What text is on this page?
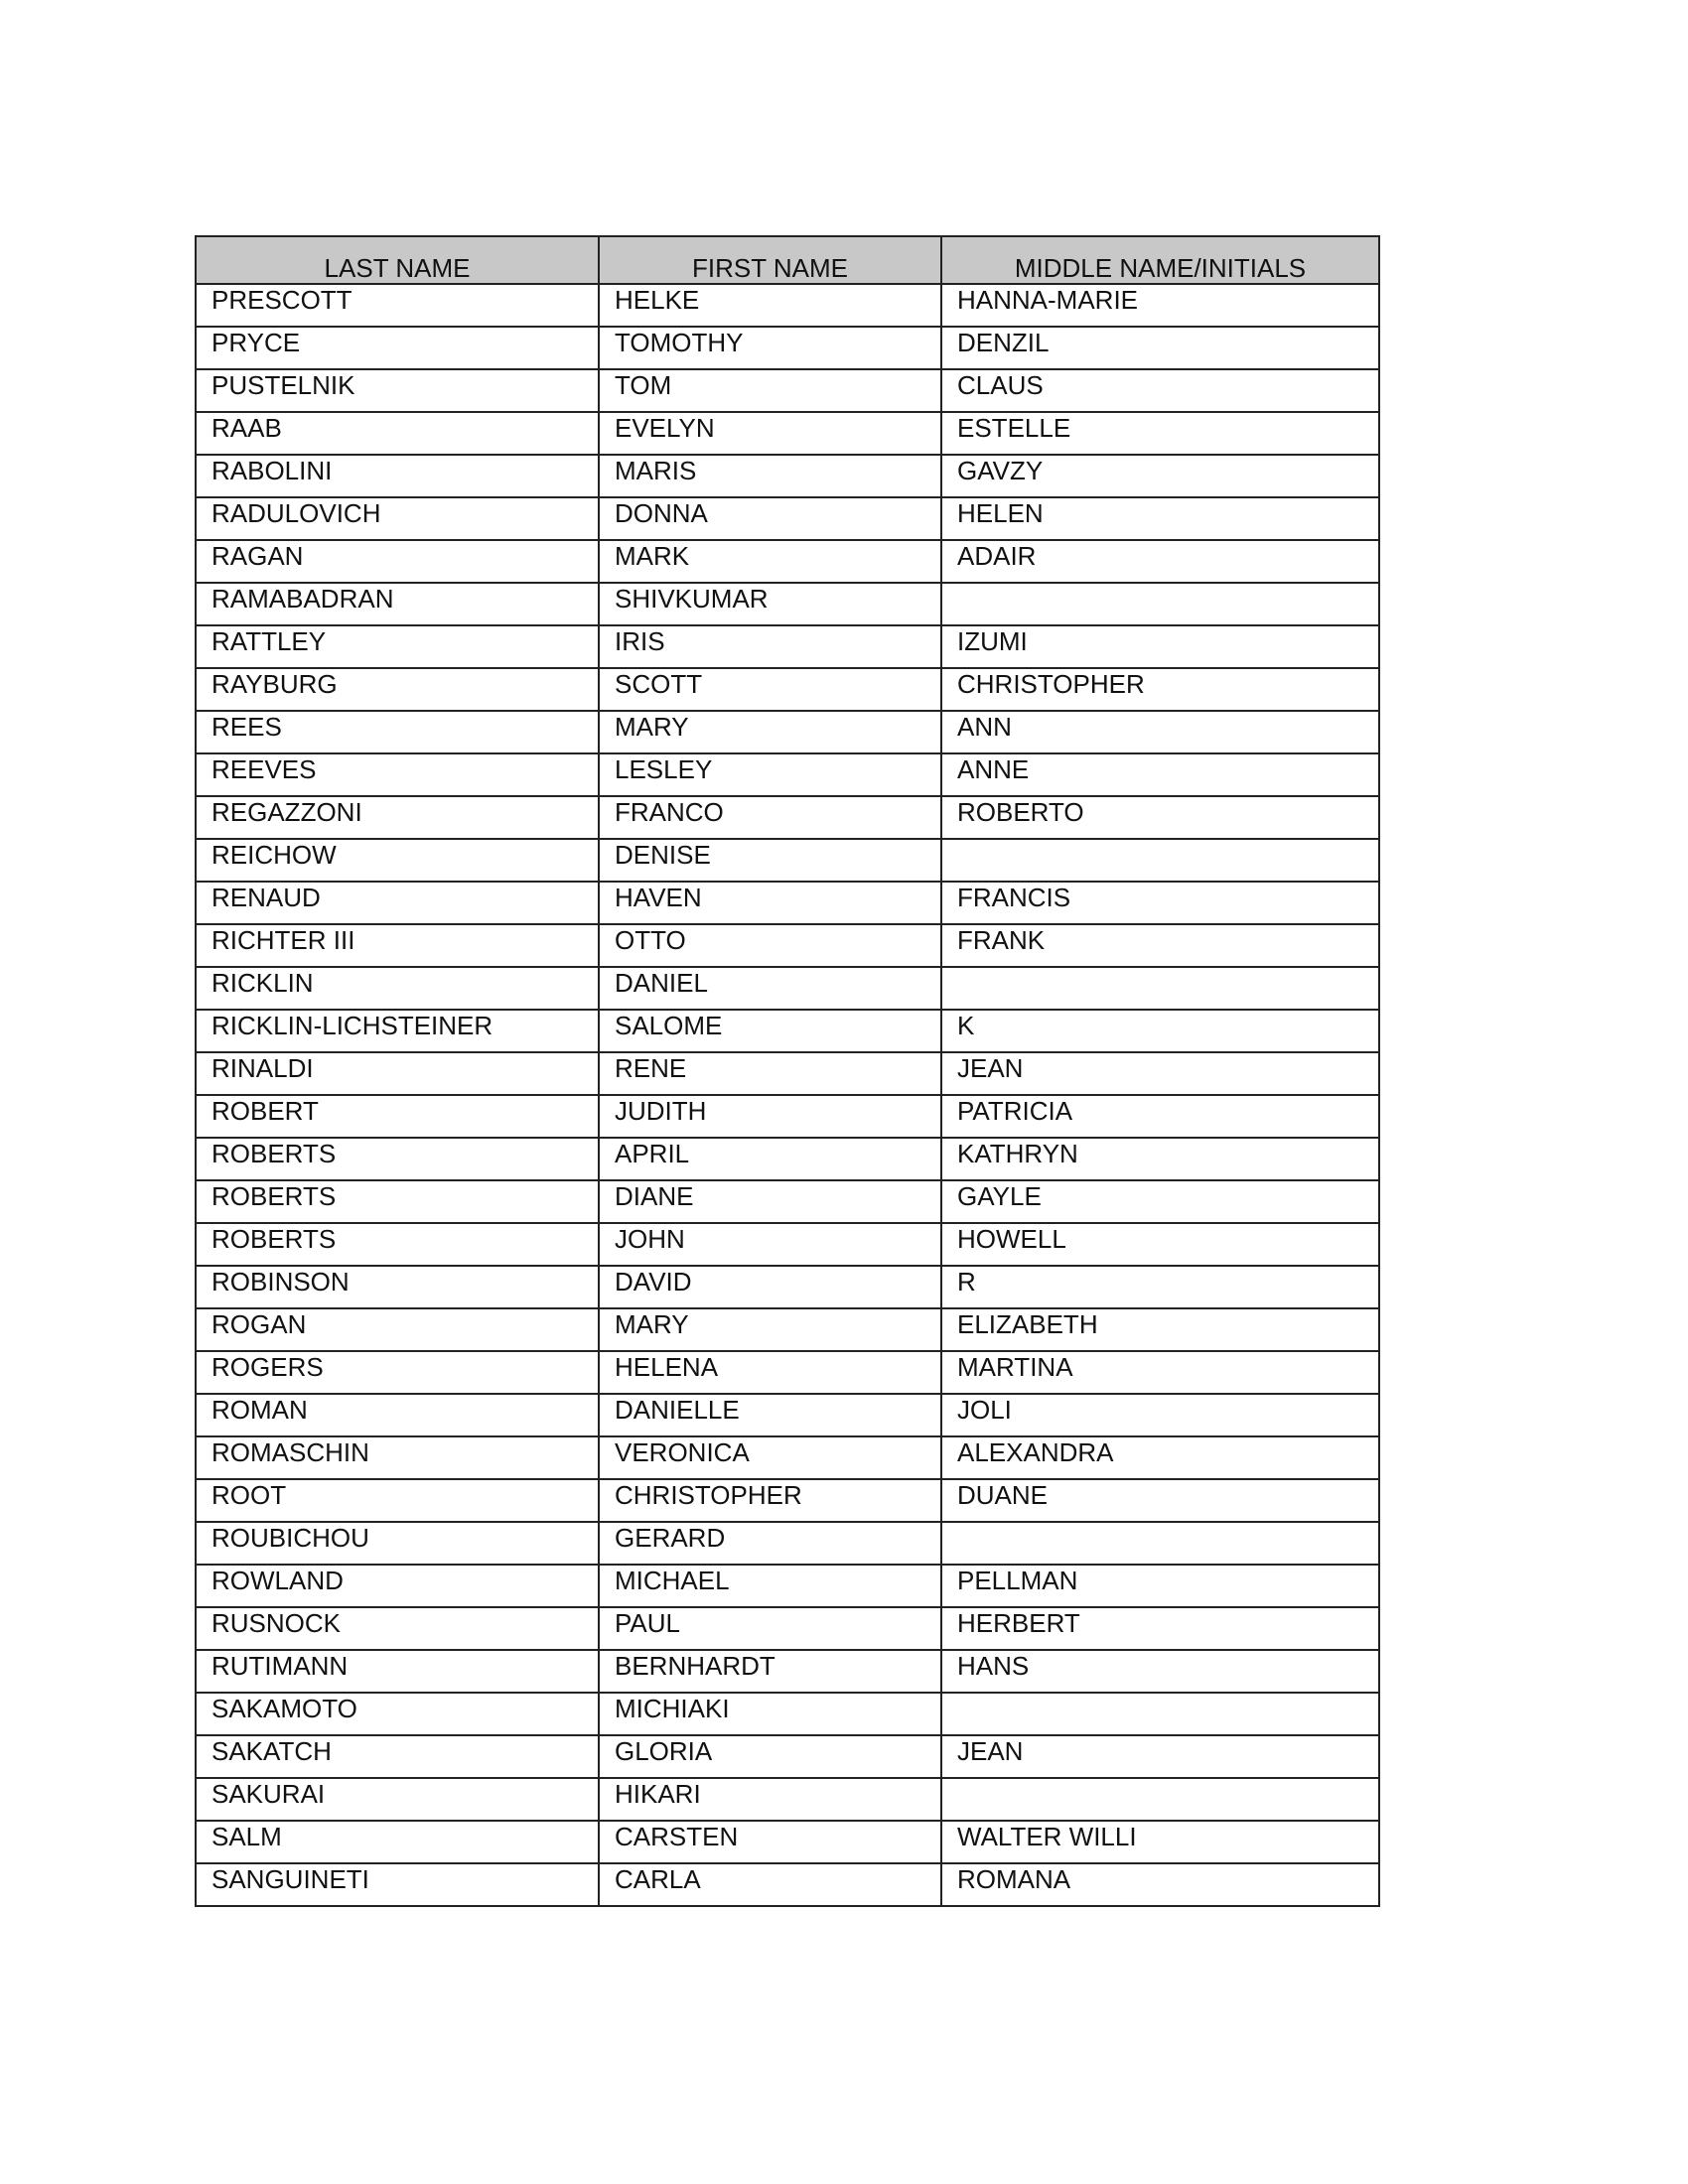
LAST NAME	FIRST NAME	MIDDLE NAME/INITIALS
PRESCOTT	HELKE	HANNA-MARIE
PRYCE	TOMOTHY	DENZIL
PUSTELNIK	TOM	CLAUS
RAAB	EVELYN	ESTELLE
RABOLINI	MARIS	GAVZY
RADULOVICH	DONNA	HELEN
RAGAN	MARK	ADAIR
RAMABADRAN	SHIVKUMAR	
RATTLEY	IRIS	IZUMI
RAYBURG	SCOTT	CHRISTOPHER
REES	MARY	ANN
REEVES	LESLEY	ANNE
REGAZZONI	FRANCO	ROBERTO
REICHOW	DENISE	
RENAUD	HAVEN	FRANCIS
RICHTER III	OTTO	FRANK
RICKLIN	DANIEL	
RICKLIN-LICHSTEINER	SALOME	K
RINALDI	RENE	JEAN
ROBERT	JUDITH	PATRICIA
ROBERTS	APRIL	KATHRYN
ROBERTS	DIANE	GAYLE
ROBERTS	JOHN	HOWELL
ROBINSON	DAVID	R
ROGAN	MARY	ELIZABETH
ROGERS	HELENA	MARTINA
ROMAN	DANIELLE	JOLI
ROMASCHIN	VERONICA	ALEXANDRA
ROOT	CHRISTOPHER	DUANE
ROUBICHOU	GERARD	
ROWLAND	MICHAEL	PELLMAN
RUSNOCK	PAUL	HERBERT
RUTIMANN	BERNHARDT	HANS
SAKAMOTO	MICHIAKI	
SAKATCH	GLORIA	JEAN
SAKURAI	HIKARI	
SALM	CARSTEN	WALTER WILLI
SANGUINETI	CARLA	ROMANA
